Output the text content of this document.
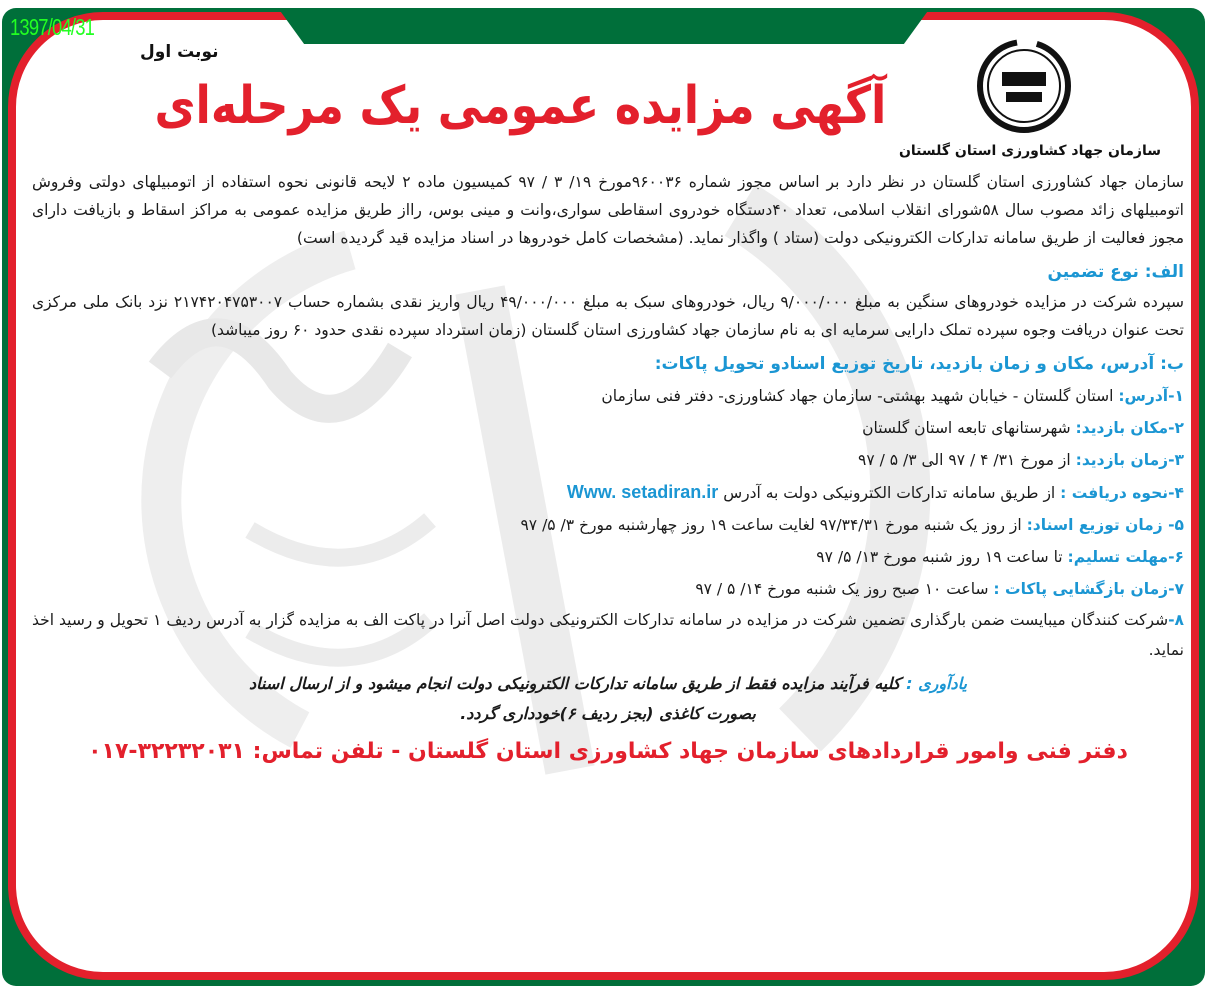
1397/04/31
نوبت اول
آگهی مزایده عمومی یک مرحله‌ای
سازمان جهاد کشاورزی استان گلستان

سازمان جهاد کشاورزی استان گلستان در نظر دارد بر اساس مجوز شماره ۹۶۰۰۳۶مورخ ۱۹/ ۳ / ۹۷ کمیسیون ماده ۲ لایحه قانونی نحوه استفاده از اتومبیلهای دولتی وفروش اتومبیلهای زائد مصوب سال ۵۸شورای انقلاب اسلامی، تعداد ۴۰دستگاه خودروی اسقاطی سواری،وانت و مینی بوس، رااز طریق مزایده عمومی به مراکز اسقاط و بازیافت دارای مجوز فعالیت از طریق سامانه تدارکات الکترونیکی دولت (ستاد ) واگذار نماید. (مشخصات کامل خودروها در اسناد مزایده قید گردیده است)

الف: نوع تضمین

سپرده شرکت در مزایده خودروهای سنگین به مبلغ ۹/۰۰۰/۰۰۰ ریال، خودروهای سبک به مبلغ ۴۹/۰۰۰/۰۰۰ ریال واریز نقدی بشماره حساب ۲۱۷۴۲۰۴۷۵۳۰۰۷ نزد بانک ملی مرکزی تحت عنوان دریافت وجوه سپرده تملک دارایی سرمایه ای به نام سازمان جهاد کشاورزی استان گلستان (زمان استرداد سپرده نقدی حدود ۶۰ روز میباشد)

ب: آدرس، مکان و زمان بازدید، تاریخ توزیع اسنادو تحویل پاکات:

۱-آدرس: استان گلستان - خیابان شهید بهشتی- سازمان جهاد کشاورزی- دفتر فنی سازمان

۲-مکان بازدید: شهرستانهای تابعه استان گلستان

۳-زمان بازدید: از مورخ ۳۱/ ۴ / ۹۷ الی ۳/ ۵ / ۹۷

۴-نحوه دریافت : از طریق سامانه تدارکات الکترونیکی دولت به آدرس Www. setadiran.ir

۵- زمان توزیع اسناد: از روز یک شنبه مورخ ۹۷/۳۴/۳۱ لغایت ساعت ۱۹ روز چهارشنبه مورخ ۳/ ۵/ ۹۷

۶-مهلت تسلیم: تا ساعت ۱۹ روز شنبه مورخ ۱۳/ ۵/ ۹۷

۷-زمان بازگشایی پاکات : ساعت ۱۰ صبح روز یک شنبه مورخ ۱۴/ ۵ / ۹۷

۸-شرکت کنندگان میبایست ضمن بارگذاری تضمین شرکت در مزایده در سامانه تدارکات الکترونیکی دولت اصل آنرا در پاکت الف به مزایده گزار به آدرس ردیف ۱ تحویل و رسید اخذ نماید.

یادآوری : کلیه فرآیند مزایده فقط از طریق سامانه تدارکات الکترونیکی دولت انجام میشود و از ارسال اسناد

بصورت کاغذی (بجز ردیف ۶)خودداری گردد.

دفتر فنی وامور قراردادهای سازمان جهاد کشاورزی استان گلستان - تلفن تماس: ۳۲۲۳۲۰۳۱-۰۱۷
